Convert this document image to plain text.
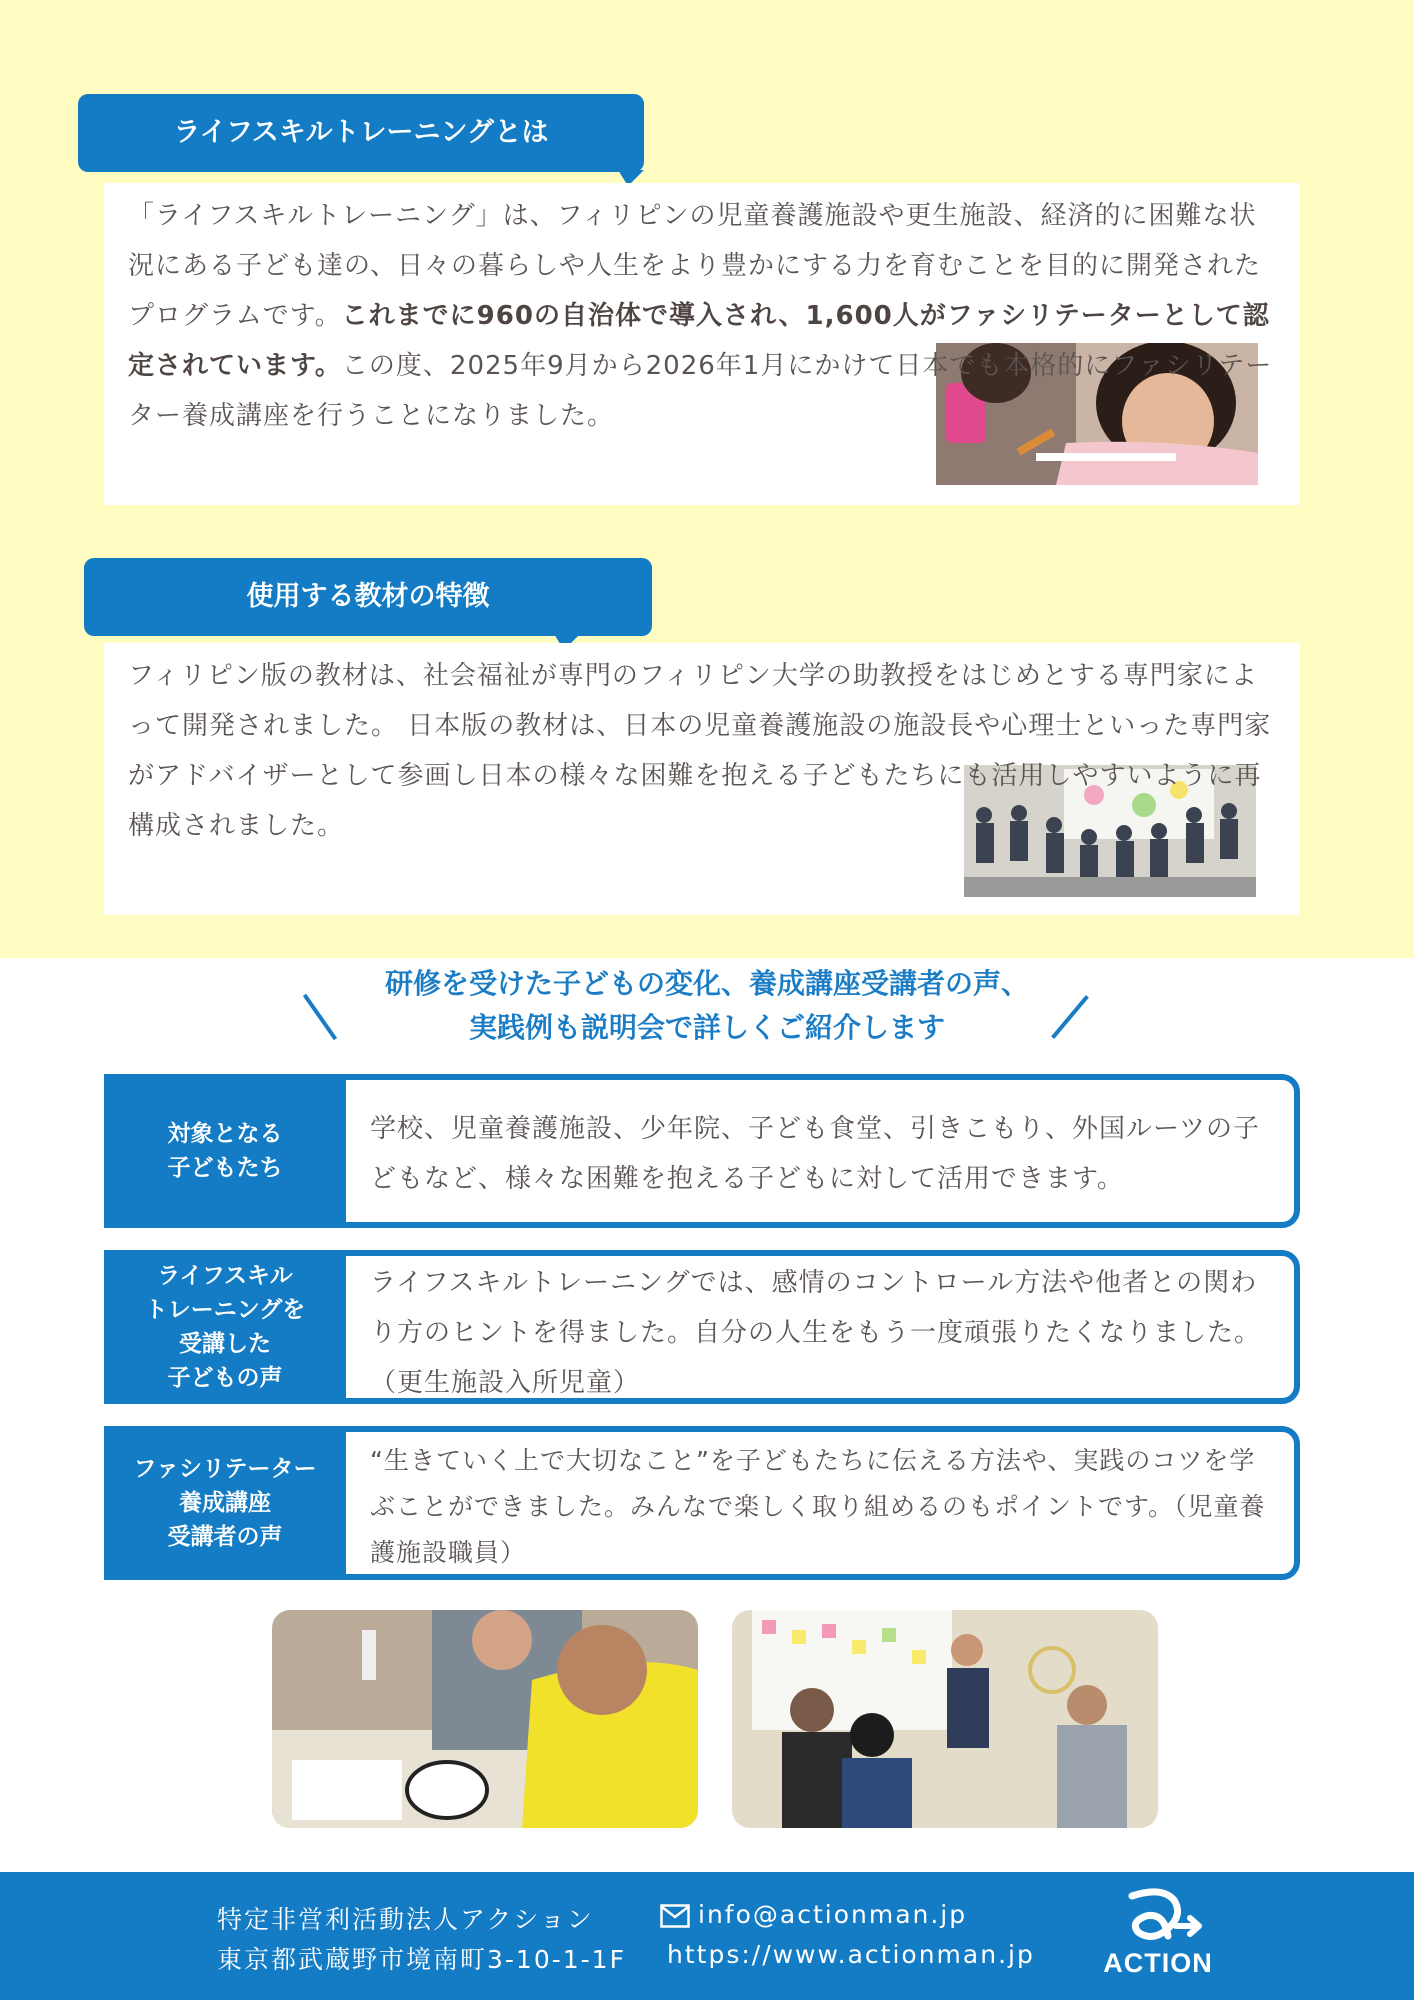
ライフスキルトレーニングとは

「ライフスキルトレーニング」は、フィリピンの児童養護施設や更生施設、経済的に困難な状況にある子ども達の、日々の暮らしや人生をより豊かにする力を育むことを目的に開発されたプログラムです。これまでに960の自治体で導入され、1,600人がファシリテーターとして認定されています。この度、2025年9月から2026年1月にかけて日本でも本格的にファシリテーター養成講座を行うことになりました。

使用する教材の特徴

フィリピン版の教材は、社会福祉が専門のフィリピン大学の助教授をはじめとする専門家によって開発されました。 日本版の教材は、日本の児童養護施設の施設長や心理士といった専門家がアドバイザーとして参画し日本の様々な困難を抱える子どもたちにも活用しやすいように再構成されました。

研修を受けた子どもの変化、養成講座受講者の声、
実践例も説明会で詳しくご紹介します
対象となる
子どもたち
学校、児童養護施設、少年院、子ども食堂、引きこもり、外国ルーツの子どもなど、様々な困難を抱える子どもに対して活用できます。
ライフスキル
トレーニングを
受講した
子どもの声
ライフスキルトレーニングでは、感情のコントロール方法や他者との関わり方のヒントを得ました。自分の人生をもう一度頑張りたくなりました。（更生施設入所児童）
ファシリテーター
養成講座
受講者の声
“生きていく上で大切なこと”を子どもたちに伝える方法や、実践のコツを学ぶことができました。みんなで楽しく取り組めるのもポイントです。（児童養護施設職員）
特定非営利活動法人アクション	info@actionman.jp
東京都武蔵野市境南町3-10-1-1F https://www.actionman.jp	ACTION
